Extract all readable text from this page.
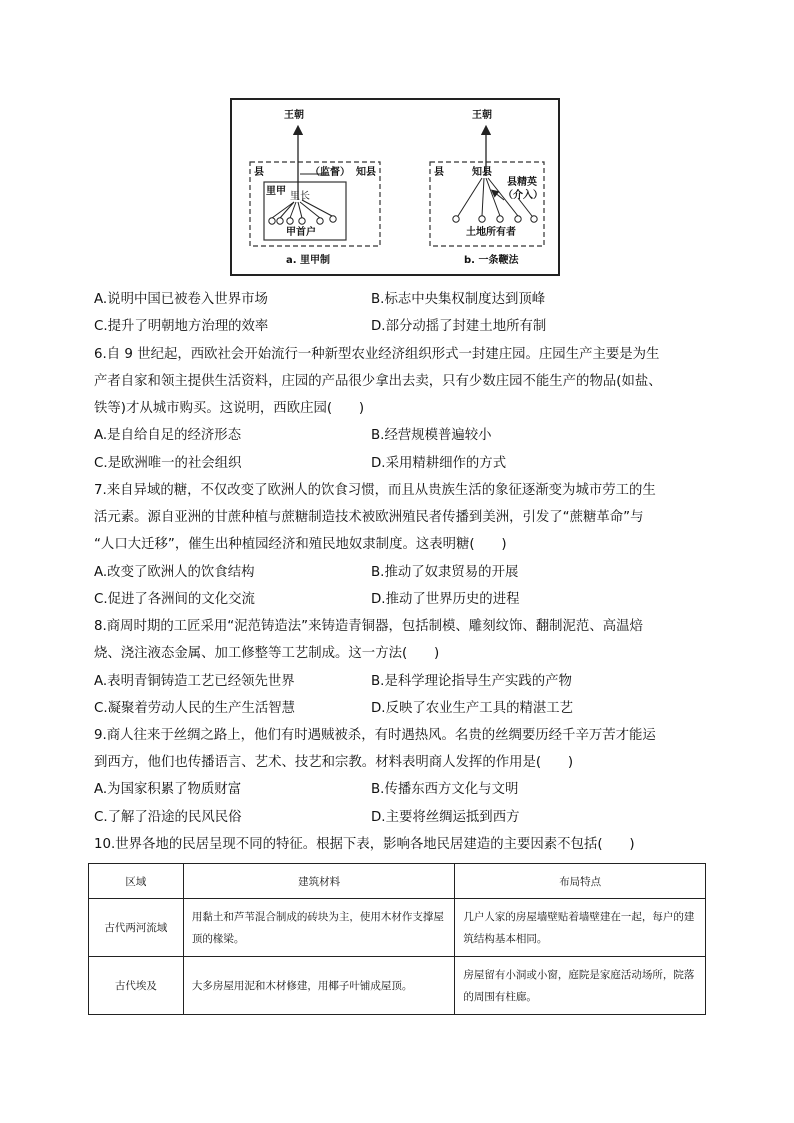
王朝
县	（监督） 知县
里甲 里长
甲首户
a. 里甲制
王朝
县	知县
县精英
（介入）
土地所有者
b. 一条鞭法
A.说明中国已被卷入世界市场	B.标志中央集权制度达到顶峰
C.提升了明朝地方治理的效率	D.部分动摇了封建土地所有制
6.自 9 世纪起，西欧社会开始流行一种新型农业经济组织形式一封建庄园。庄园生产主要是为生
产者自家和领主提供生活资料，庄园的产品很少拿出去卖，只有少数庄园不能生产的物品(如盐、
铁等)才从城市购买。这说明，西欧庄园(　　)
A.是自给自足的经济形态	B.经营规模普遍较小
C.是欧洲唯一的社会组织	D.采用精耕细作的方式
7.来自异域的糖，不仅改变了欧洲人的饮食习惯，而且从贵族生活的象征逐渐变为城市劳工的生
活元素。源自亚洲的甘蔗种植与蔗糖制造技术被欧洲殖民者传播到美洲，引发了“蔗糖革命”与
“人口大迁移”，催生出种植园经济和殖民地奴隶制度。这表明糖(　　)
A.改变了欧洲人的饮食结构	B.推动了奴隶贸易的开展
C.促进了各洲间的文化交流	D.推动了世界历史的进程
8.商周时期的工匠采用“泥范铸造法”来铸造青铜器，包括制模、雕刻纹饰、翻制泥范、高温焙
烧、浇注液态金属、加工修整等工艺制成。这一方法(　　)
A.表明青铜铸造工艺已经领先世界	B.是科学理论指导生产实践的产物
C.凝聚着劳动人民的生产生活智慧	D.反映了农业生产工具的精湛工艺
9.商人往来于丝绸之路上，他们有时遇贼被杀，有时遇热风。名贵的丝绸要历经千辛万苦才能运
到西方，他们也传播语言、艺术、技艺和宗教。材料表明商人发挥的作用是(　　)
A.为国家积累了物质财富	B.传播东西方文化与文明
C.了解了沿途的民风民俗	D.主要将丝绸运抵到西方
10.世界各地的民居呈现不同的特征。根据下表，影响各地民居建造的主要因素不包括(　　)
区域	建筑材料	布局特点
古代两河流域	用黏土和芦苇混合制成的砖块为主，使用木材作支撑屋顶的椽梁。	几户人家的房屋墙壁贴着墙壁建在一起，每户的建筑结构基本相同。
古代埃及	大多房屋用泥和木材修建，用椰子叶铺成屋顶。	房屋留有小洞或小窗，庭院是家庭活动场所，院落的周围有柱廊。
